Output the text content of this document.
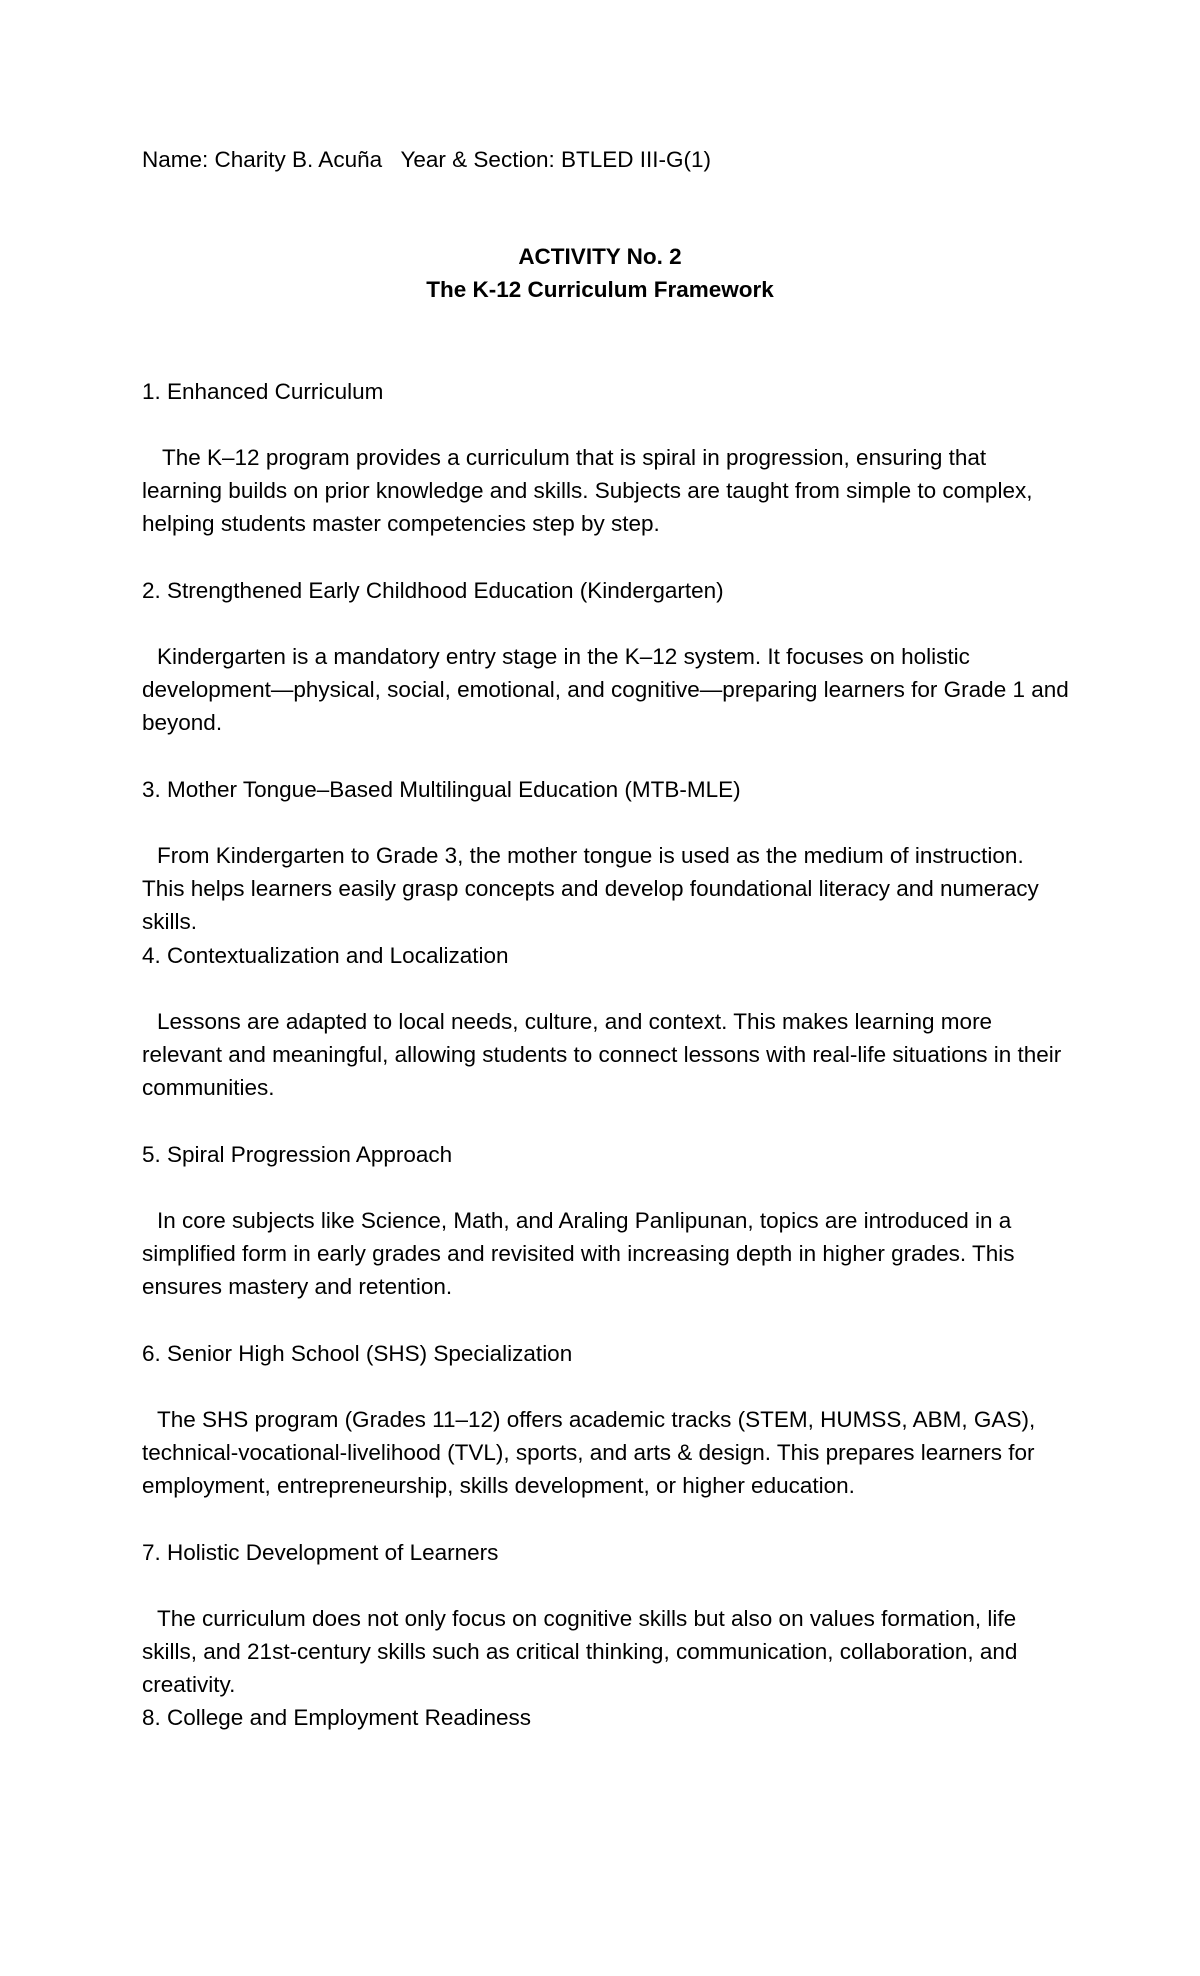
Name: Charity B. Acuña   Year & Section: BTLED III-G(1)

ACTIVITY No. 2

The K-12 Curriculum Framework

1. Enhanced Curriculum

The K–12 program provides a curriculum that is spiral in progression, ensuring that learning builds on prior knowledge and skills. Subjects are taught from simple to complex, helping students master competencies step by step.

2. Strengthened Early Childhood Education (Kindergarten)

Kindergarten is a mandatory entry stage in the K–12 system. It focuses on holistic development—physical, social, emotional, and cognitive—preparing learners for Grade 1 and beyond.

3. Mother Tongue–Based Multilingual Education (MTB-MLE)

From Kindergarten to Grade 3, the mother tongue is used as the medium of instruction. This helps learners easily grasp concepts and develop foundational literacy and numeracy skills.

4. Contextualization and Localization

Lessons are adapted to local needs, culture, and context. This makes learning more relevant and meaningful, allowing students to connect lessons with real-life situations in their communities.

5. Spiral Progression Approach

In core subjects like Science, Math, and Araling Panlipunan, topics are introduced in a simplified form in early grades and revisited with increasing depth in higher grades. This ensures mastery and retention.

6. Senior High School (SHS) Specialization

The SHS program (Grades 11–12) offers academic tracks (STEM, HUMSS, ABM, GAS), technical-vocational-livelihood (TVL), sports, and arts & design. This prepares learners for employment, entrepreneurship, skills development, or higher education.

7. Holistic Development of Learners

The curriculum does not only focus on cognitive skills but also on values formation, life skills, and 21st-century skills such as critical thinking, communication, collaboration, and creativity.

8. College and Employment Readiness
